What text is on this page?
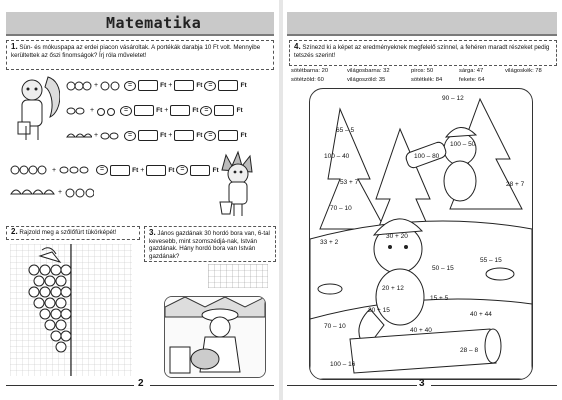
Matematika
1. Sün- és mókuspapa az erdei piacon vásároltak. A portékák darabja 10 Ft volt. Mennyibe kerültettek az őszi finomságok? Írj róla műveletet!
+	=	Ft +	Ft =	Ft
+	=	Ft +	Ft =	Ft
+	=	Ft +	Ft =	Ft
+	=	Ft +	Ft =	Ft
+
2. Rajzold meg a szőlőfürt tükörképét!	3. János gazdának 30 hordó bora van, 6-tal kevesebb, mint szomszédjá-nak, István gazdának. Hány hordó bora van István gazdának?
2
4. Színezd ki a képet az eredményeknek megfelelő színnel, a fehéren maradt részeket pedig tetszés szerint!
sötétbarna: 20	világosbarna: 32	piros: 50	sárga: 47	világoskék: 78
sötétzöld: 60	világoszöld: 35	sötétkék: 84	fekete: 64
90 – 12
65 – 5
100 – 50
100 – 40	100 – 80
53 + 7	28 + 7
70 – 10
30 + 20
33 + 2
55 – 15
50 – 15
20 + 12
40 + 44
70 – 10
40 + 40
100 – 16
28 – 8
20 + 15
15 + 5
3
